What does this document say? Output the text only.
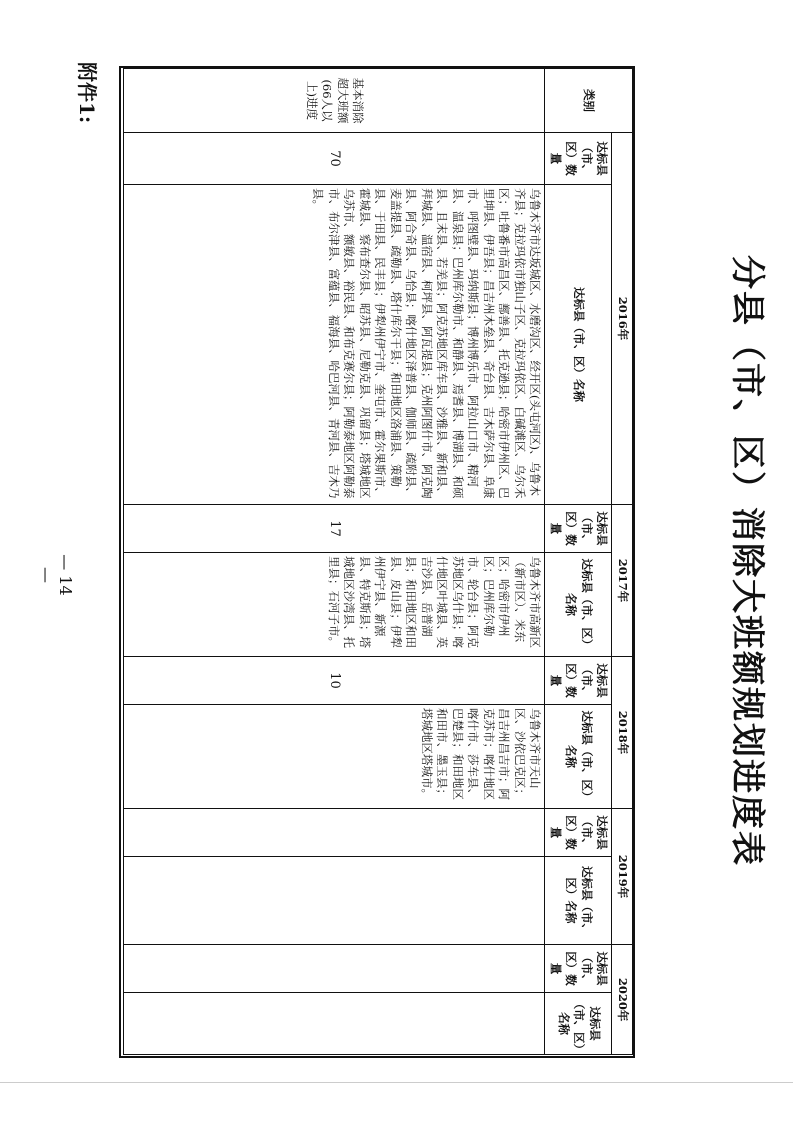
附件1:
分县（市、区）消除大班额规划进度表
类别	2016年		2017年		2018年		2019年		2020年	
	达标县（市、区）数量	达标县（市、区）名称	达标县（市、区）数量	达标县（市、区）名称	达标县（市、区）数量	达标县（市、区）名称	达标县（市、区）数量	达标县（市、区）名称	达标县（市、区）数量	达标县（市、区）名称
基本消除超大班额(66人以上)进度	70	乌鲁木齐市达坂城区、水磨沟区、经开区(头屯河区)、乌鲁木齐县；克拉玛依市独山子区、克拉玛依区、白碱滩区、乌尔禾区；吐鲁番市高昌区、鄯善县、托克逊县；哈密市伊州区、巴里坤县、伊吾县；昌吉州木垒县、奇台县、吉木萨尔县、阜康市、呼图壁县、玛纳斯县；博州博乐市、阿拉山口市、精河县、温泉县；巴州库尔勒市、和静县、焉耆县、博湖县、和硕县、且末县、若羌县；阿克苏地区库车县、沙雅县、新和县、拜城县、温宿县、柯坪县、阿瓦提县；克州阿图什市、阿克陶县、阿合奇县、乌恰县；喀什地区泽普县、伽师县、疏附县、麦盖提县、疏勒县、塔什库尔干县；和田地区洛浦县、策勒县、于田县、民丰县；伊犁州伊宁市、奎屯市、霍尔果斯市、霍城县、察布查尔县、昭苏县、尼勒克县、巩留县；塔城地区乌苏市、额敏县、裕民县、和布克赛尔县；阿勒泰地区阿勒泰市、布尔津县、富蕴县、福海县、哈巴河县、青河县、吉木乃县。	17	乌鲁木齐市高新区（新市区）、米东区；哈密市伊州区；巴州库尔勒市、轮台县；阿克苏地区乌什县；喀什地区叶城县、英吉沙县、岳普湖县；和田地区和田县、皮山县；伊犁州伊宁县、新源县、特克斯县；塔城地区沙湾县、托里县；石河子市。	10	乌鲁木齐市天山区、沙依巴克区；昌吉州昌吉市；阿克苏市；喀什地区喀什市、莎车县、巴楚县；和田地区和田市、墨玉县；塔城地区塔城市。				
— 14 —
